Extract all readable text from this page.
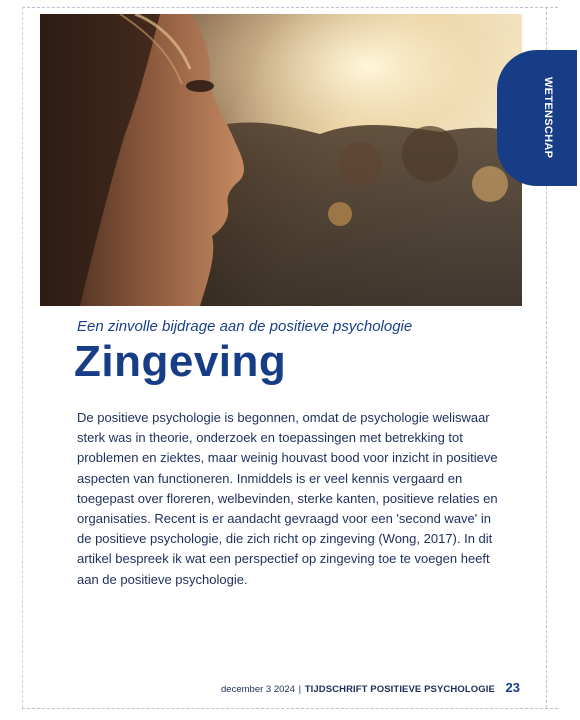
WETENSCHAP
Een zinvolle bijdrage aan de positieve psychologie
Zingeving

De positieve psychologie is begonnen, omdat de psychologie weliswaar sterk was in theorie, onderzoek en toepassingen met betrekking tot problemen en ziektes, maar weinig houvast bood voor inzicht in positieve aspecten van functioneren. Inmiddels is er veel kennis vergaard en toegepast over floreren, welbevinden, sterke kanten, positieve relaties en organisaties. Recent is er aandacht gevraagd voor een 'second wave' in de positieve psychologie, die zich richt op zingeving (Wong, 2017). In dit artikel bespreek ik wat een perspectief op zingeving toe te voegen heeft aan de positieve psychologie.

december 3 2024 | TIJDSCHRIFT POSITIEVE PSYCHOLOGIE 23
